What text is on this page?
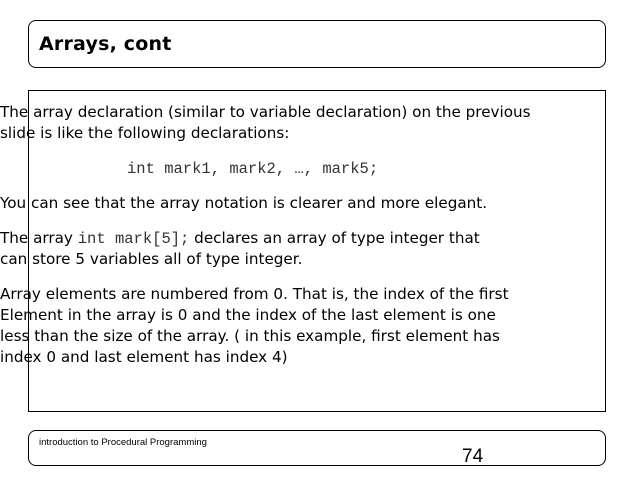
Arrays, cont
The array declaration (similar to variable declaration) on the previous
slide is like the following declarations:
int mark1, mark2, …, mark5;
You can see that the array notation is clearer and more elegant.
The array int mark[5]; declares an array of type integer that
can store 5 variables all of type integer.
Array elements are numbered from 0. That is, the index of the first
Element in the array is 0 and the index of the last element is one
less than the size of the array. ( in this example, first element has
index 0 and last element has index 4)
introduction to Procedural Programming
74
